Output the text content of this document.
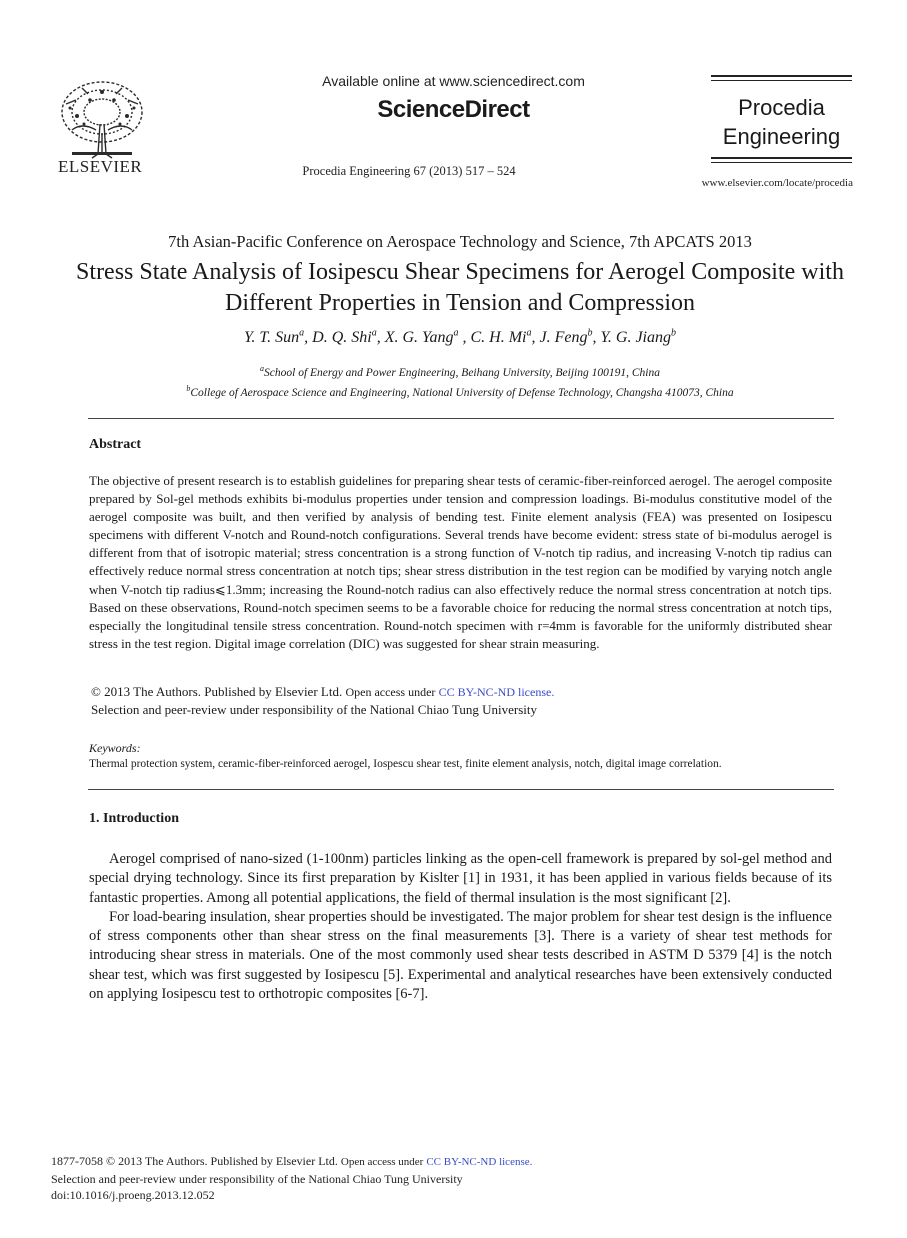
ELSEVIER
Available online at www.sciencedirect.com
ScienceDirect
Procedia Engineering 67 (2013) 517 – 524
Procedia
Engineering
www.elsevier.com/locate/procedia
7th Asian-Pacific Conference on Aerospace Technology and Science, 7th APCATS 2013
Stress State Analysis of Iosipescu Shear Specimens for Aerogel Composite with Different Properties in Tension and Compression
Y. T. Sun$^a$, D. Q. Shi$^a$, X. G. Yang$^a$ , C. H. Mi$^a$, J. Feng$^b$, Y. G. Jiang$^b$
$^a$School of Energy and Power Engineering, Beihang University, Beijing 100191, China
$^b$College of Aerospace Science and Engineering, National University of Defense Technology, Changsha 410073, China
Abstract
The objective of present research is to establish guidelines for preparing shear tests of ceramic-fiber-reinforced aerogel. The aerogel composite prepared by Sol-gel methods exhibits bi-modulus properties under tension and compression loadings. Bi-modulus constitutive model of the aerogel composite was built, and then verified by analysis of bending test. Finite element analysis (FEA) was presented on Iosipescu specimens with different V-notch and Round-notch configurations. Several trends have become evident: stress state of bi-modulus aerogel is different from that of isotropic material; stress concentration is a strong function of V-notch tip radius, and increasing V-notch tip radius can effectively reduce normal stress concentration at notch tips; shear stress distribution in the test region can be modified by varying notch angle when V-notch tip radius⩽1.3mm; increasing the Round-notch radius can also effectively reduce the normal stress concentration at notch tips. Based on these observations, Round-notch specimen seems to be a favorable choice for reducing the normal stress concentration at notch tips, especially the longitudinal tensile stress concentration. Round-notch specimen with r=4mm is favorable for the uniformly distributed shear stress in the test region. Digital image correlation (DIC) was suggested for shear strain measuring.
© 2013 The Authors. Published by Elsevier Ltd. Open access under CC BY-NC-ND license.
Selection and peer-review under responsibility of the National Chiao Tung University
Keywords:
Thermal protection system, ceramic-fiber-reinforced aerogel, Iospescu shear test, finite element analysis, notch, digital image correlation.
1. Introduction

Aerogel comprised of nano-sized (1-100nm) particles linking as the open-cell framework is prepared by sol-gel method and special drying technology. Since its first preparation by Kislter [1] in 1931, it has been applied in various fields because of its fantastic properties. Among all potential applications, the field of thermal insulation is the most significant [2].

For load-bearing insulation, shear properties should be investigated. The major problem for shear test design is the influence of stress components other than shear stress on the final measurements [3]. There is a variety of shear test methods for introducing shear stress in materials. One of the most commonly used shear tests described in ASTM D 5379 [4] is the notch shear test, which was first suggested by Iosipescu [5]. Experimental and analytical researches have been extensively conducted on applying Iosipescu test to orthotropic composites [6-7].

1877-7058 © 2013 The Authors. Published by Elsevier Ltd. Open access under CC BY-NC-ND license.
Selection and peer-review under responsibility of the National Chiao Tung University
doi:10.1016/j.proeng.2013.12.052
